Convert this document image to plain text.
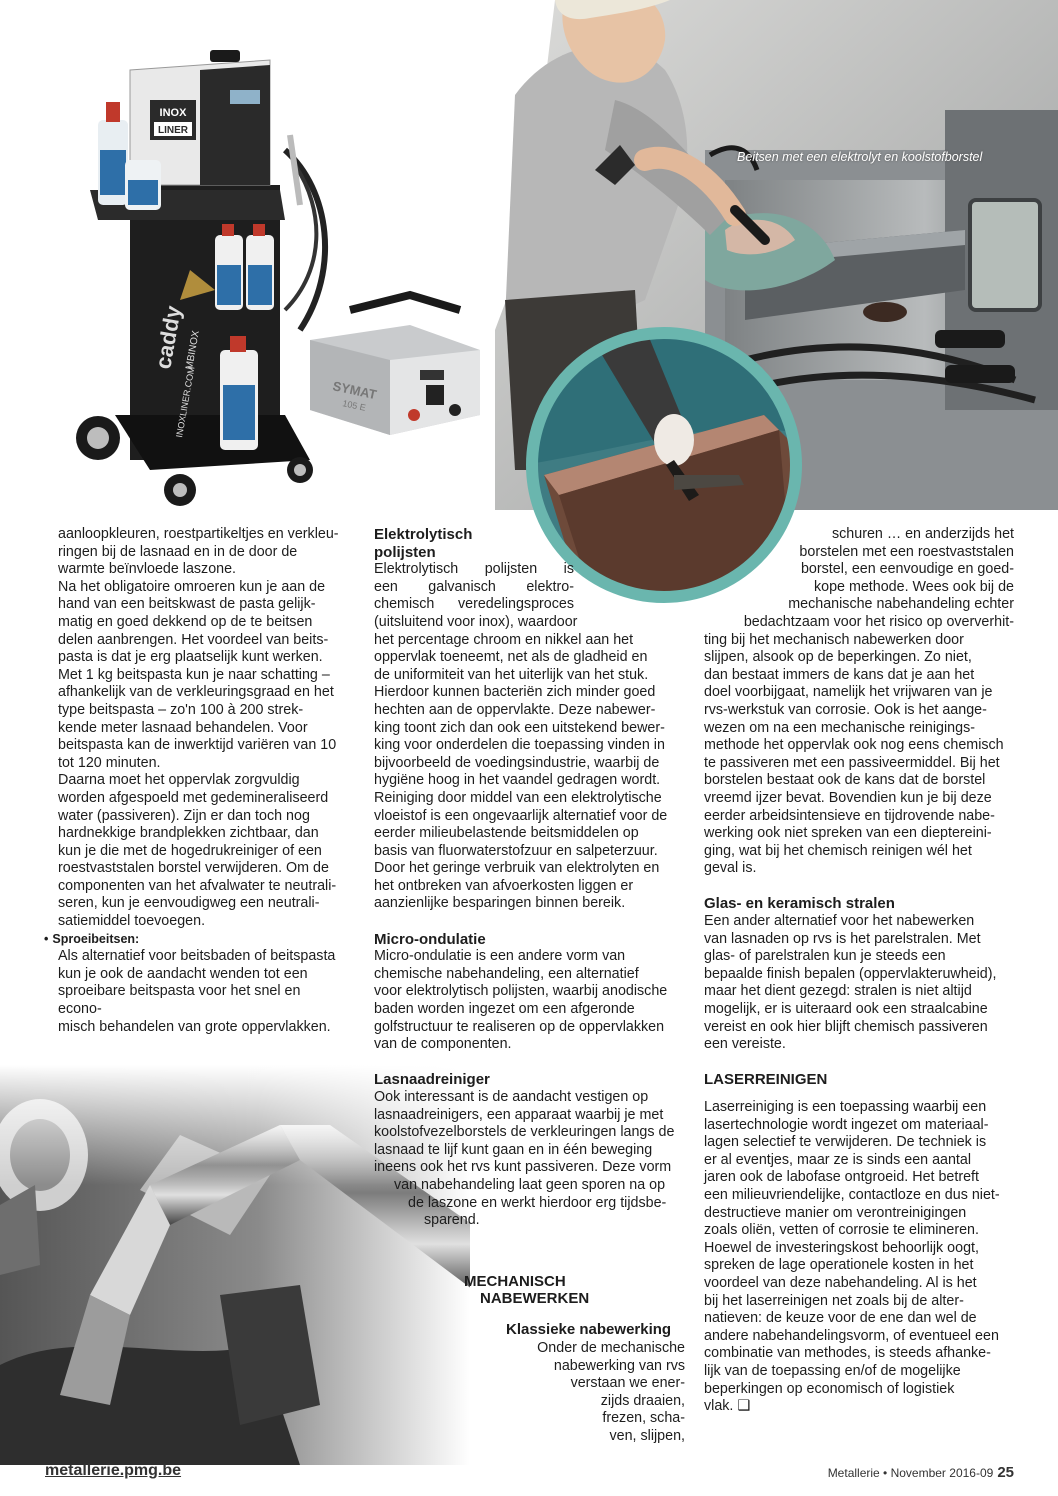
Beitsen met een elektrolyt en koolstofborstel
INOX
LINER
caddy
MBINOX
INOXLINER.COM	SYMAT
105 E

aanloopkleuren, roestpartikeltjes en verkleu-
ringen bij de lasnaad en in de door de
warmte beïnvloede laszone.

Na het obligatoire omroeren kun je aan de
hand van een beitskwast de pasta gelijk-
matig en goed dekkend op de te beitsen
delen aanbrengen. Het voordeel van beits-
pasta is dat je erg plaatselijk kunt werken.
Met 1 kg beitspasta kun je naar schatting –
afhankelijk van de verkleuringsgraad en het
type beitspasta – zo'n 100 à 200 strek-
kende meter lasnaad behandelen. Voor
beitspasta kan de inwerktijd variëren van 10
tot 120 minuten.

Daarna moet het oppervlak zorgvuldig
worden afgespoeld met gedemineraliseerd
water (passiveren). Zijn er dan toch nog
hardnekkige brandplekken zichtbaar, dan
kun je die met de hogedrukreiniger of een
roestvaststalen borstel verwijderen. Om de
componenten van het afvalwater te neutrali-
seren, kun je eenvoudigweg een neutrali-
satiemiddel toevoegen.

• Sproeibeitsen:

Als alternatief voor beitsbaden of beitspasta
kun je ook de aandacht wenden tot een
sproeibare beitspasta voor het snel en econo-
misch behandelen van grote oppervlakken.

Elektrolytisch
polijsten

Elektrolytisch polijsten is
een galvanisch elektro-
chemisch veredelingsproces

(uitsluitend voor inox), waardoor

het percentage chroom en nikkel aan het
oppervlak toeneemt, net als de gladheid en
de uniformiteit van het uiterlijk van het stuk.
Hierdoor kunnen bacteriën zich minder goed
hechten aan de oppervlakte. Deze nabewer-
king toont zich dan ook een uitstekend bewer-
king voor onderdelen die toepassing vinden in
bijvoorbeeld de voedingsindustrie, waarbij de
hygiëne hoog in het vaandel gedragen wordt.
Reiniging door middel van een elektrolytische
vloeistof is een ongevaarlijk alternatief voor de
eerder milieubelastende beitsmiddelen op
basis van fluorwaterstofzuur en salpeterzuur.
Door het geringe verbruik van elektrolyten en
het ontbreken van afvoerkosten liggen er
aanzienlijke besparingen binnen bereik.

Micro-ondulatie

Micro-ondulatie is een andere vorm van
chemische nabehandeling, een alternatief
voor elektrolytisch polijsten, waarbij anodische
baden worden ingezet om een afgeronde
golfstructuur te realiseren op de oppervlakken
van de componenten.

Lasnaadreiniger

Ook interessant is de aandacht vestigen op
lasnaadreinigers, een apparaat waarbij je met
koolstofvezelborstels de verkleuringen langs de
lasnaad te lijf kunt gaan en in één beweging
ineens ook het rvs kunt passiveren. Deze vorm
van nabehandeling laat geen sporen na op
de laszone en werkt hierdoor erg tijdsbe-
sparend.

MECHANISCH
NABEWERKEN
Klassieke nabewerking
Onder de mechanische
nabewerking van rvs
verstaan we ener-
zijds draaien,
frezen, scha-
ven, slijpen,

schuren … en anderzijds het
borstelen met een roestvaststalen
borstel, een eenvoudige en goed-
kope methode. Wees ook bij de
mechanische nabehandeling echter
bedachtzaam voor het risico op oververhit-

ting bij het mechanisch nabewerken door
slijpen, alsook op de beperkingen. Zo niet,
dan bestaat immers de kans dat je aan het
doel voorbijgaat, namelijk het vrijwaren van je
rvs-werkstuk van corrosie. Ook is het aange-
wezen om na een mechanische reinigings-
methode het oppervlak ook nog eens chemisch
te passiveren met een passiveermiddel. Bij het
borstelen bestaat ook de kans dat de borstel
vreemd ijzer bevat. Bovendien kun je bij deze
eerder arbeidsintensieve en tijdrovende nabe-
werking ook niet spreken van een dieptereini-
ging, wat bij het chemisch reinigen wél het
geval is.

Glas- en keramisch stralen

Een ander alternatief voor het nabewerken
van lasnaden op rvs is het parelstralen. Met
glas- of parelstralen kun je steeds een
bepaalde finish bepalen (oppervlakteruwheid),
maar het dient gezegd: stralen is niet altijd
mogelijk, er is uiteraard ook een straalcabine
vereist en ook hier blijft chemisch passiveren
een vereiste.

LASERREINIGEN

Laserreiniging is een toepassing waarbij een
lasertechnologie wordt ingezet om materiaal-
lagen selectief te verwijderen. De techniek is
er al eventjes, maar ze is sinds een aantal
jaren ook de labofase ontgroeid. Het betreft
een milieuvriendelijke, contactloze en dus niet-
destructieve manier om verontreinigingen
zoals oliën, vetten of corrosie te elimineren.
Hoewel de investeringskost behoorlijk oogt,
spreken de lage operationele kosten in het
voordeel van deze nabehandeling. Al is het
bij het laserreinigen net zoals bij de alter-
natieven: de keuze voor de ene dan wel de
andere nabehandelingsvorm, of eventueel een
combinatie van methodes, is steeds afhanke-
lijk van de toepassing en/of de mogelijke
beperkingen op economisch of logistiek
vlak. ❑

metallerie.pmg.be	Metallerie • November 2016-09 25
